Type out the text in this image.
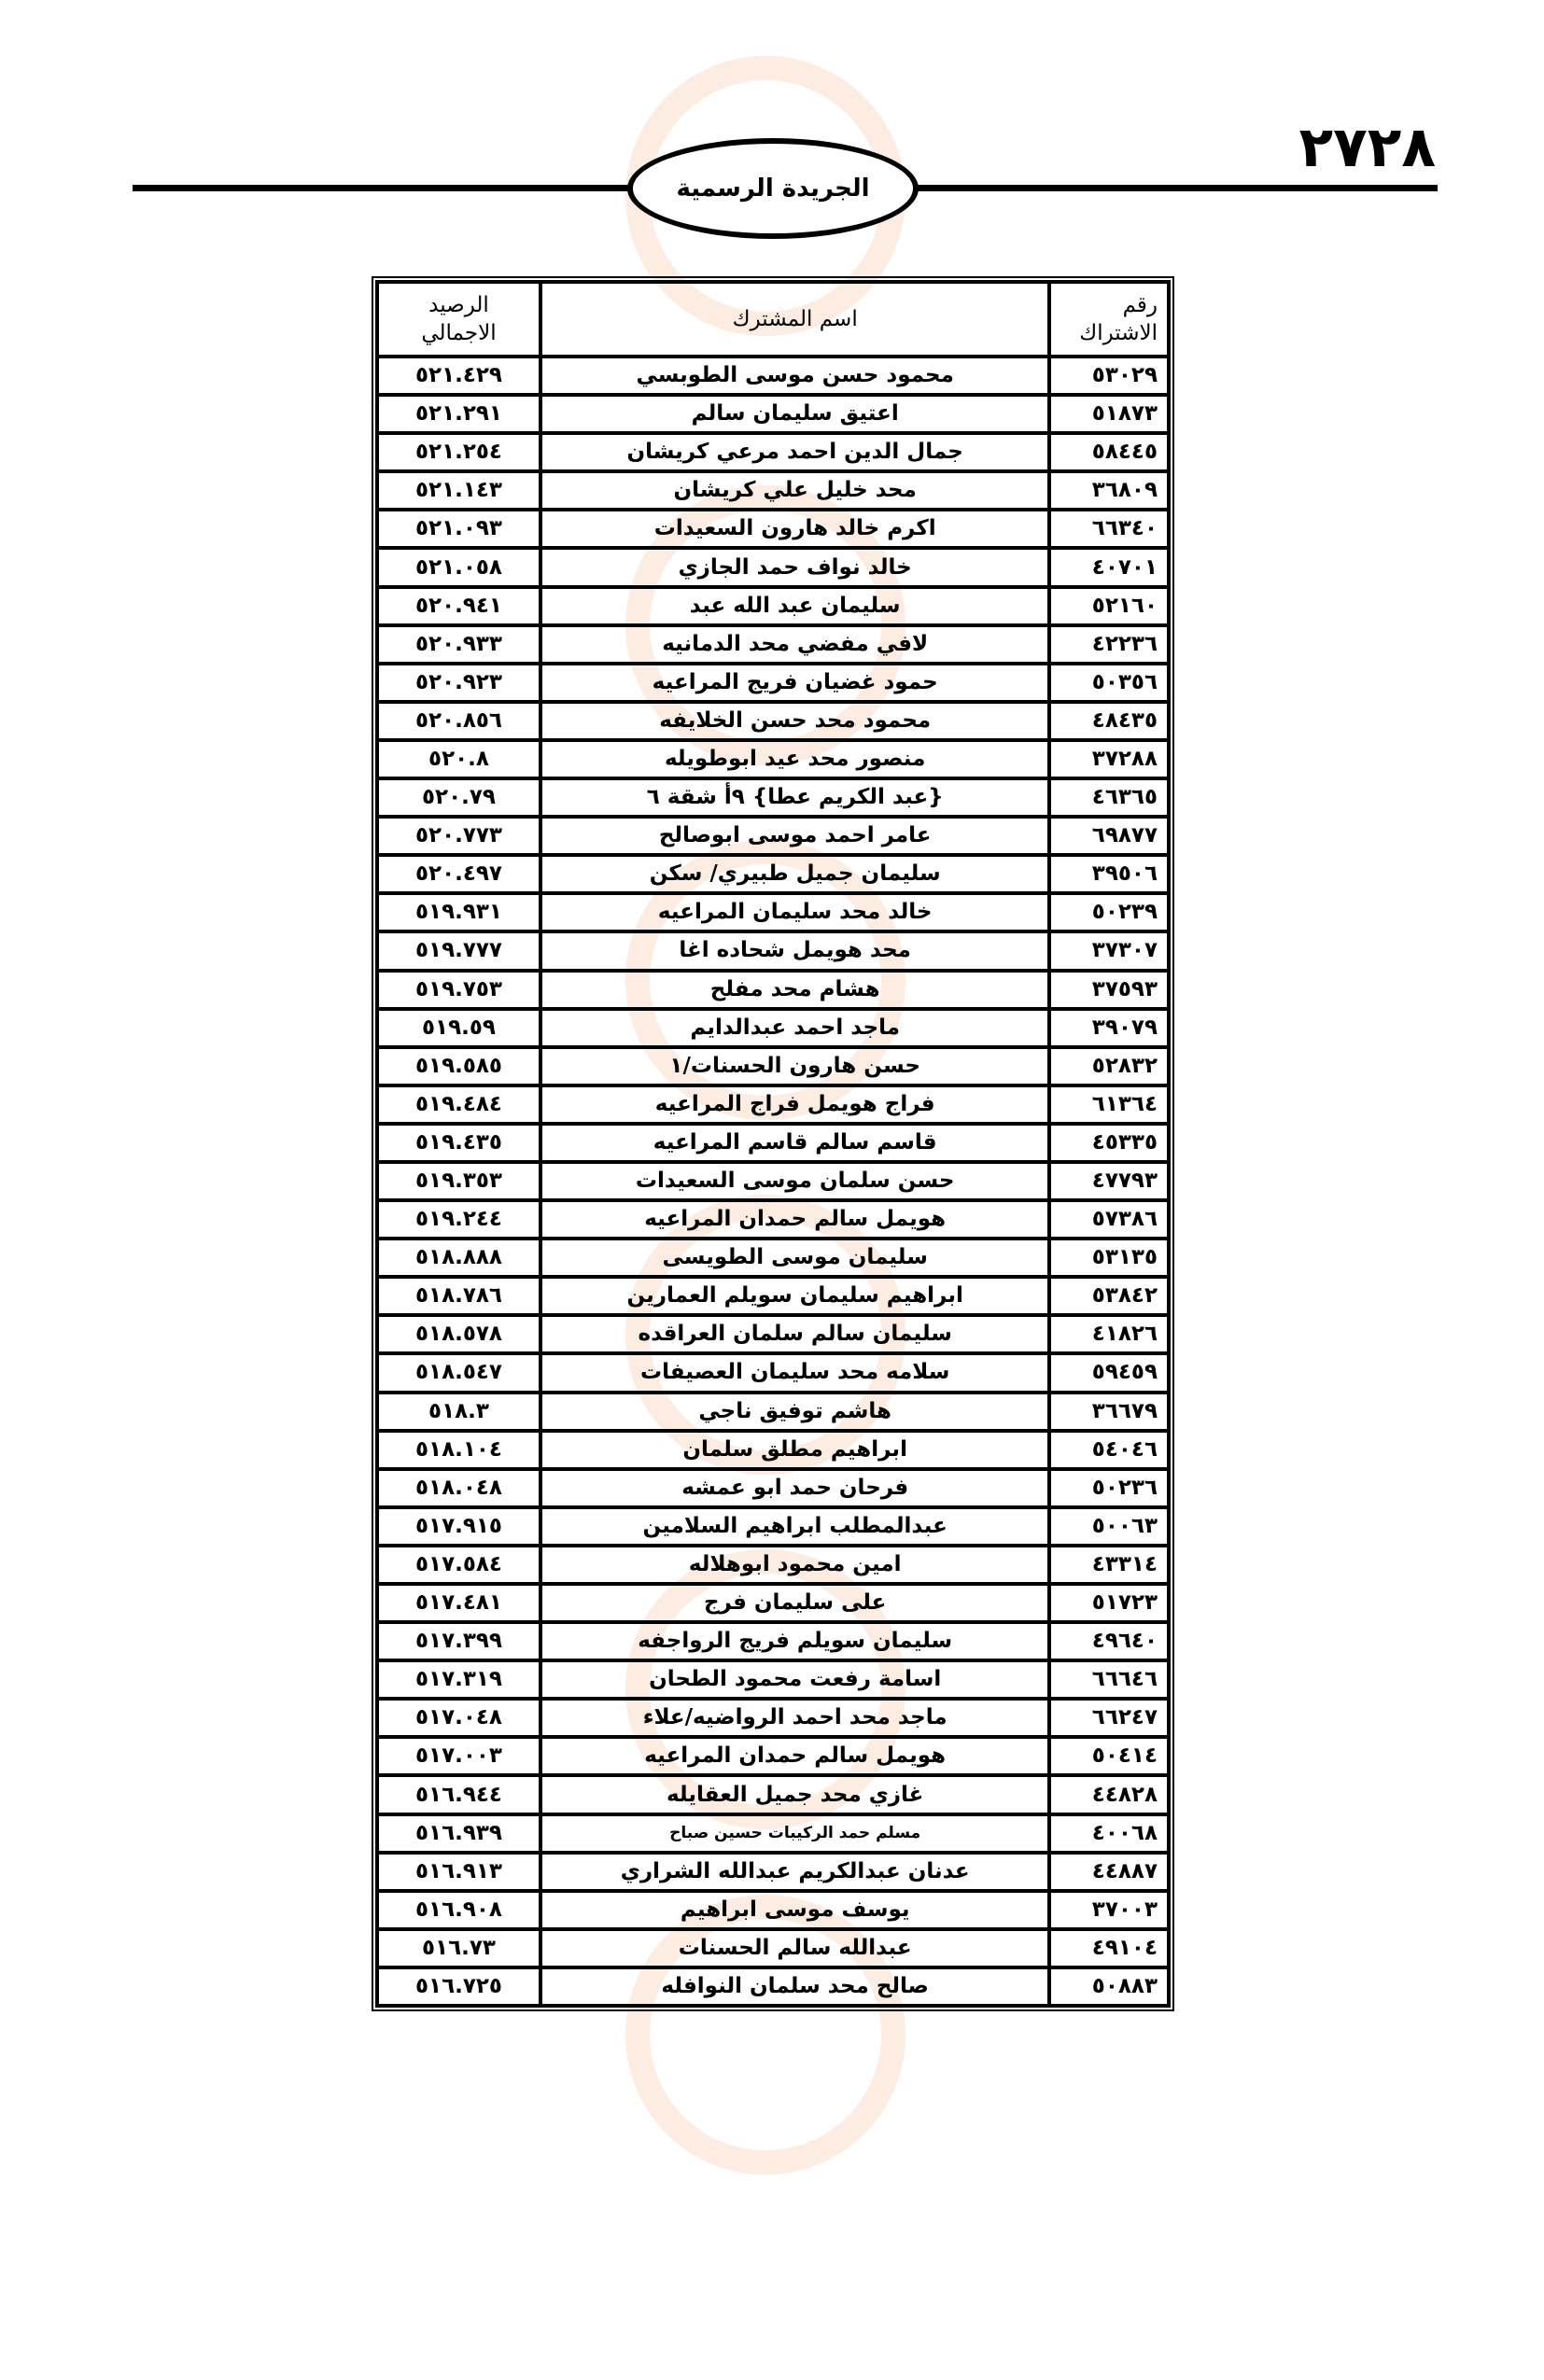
٢٧٢٨
الجريدة الرسمية
رقم الاشتراك	اسم المشترك	الرصيد الاجمالي
٥٣٠٢٩	محمود حسن موسى الطوبسي	٥٢١.٤٢٩
٥١٨٧٣	اعتيق سليمان سالم	٥٢١.٢٩١
٥٨٤٤٥	جمال الدين احمد مرعي كريشان	٥٢١.٢٥٤
٣٦٨٠٩	محد خليل علي كريشان	٥٢١.١٤٣
٦٦٣٤٠	اكرم خالد هارون السعيدات	٥٢١.٠٩٣
٤٠٧٠١	خالد نواف حمد الجازي	٥٢١.٠٥٨
٥٢١٦٠	سليمان عبد الله عبد	٥٢٠.٩٤١
٤٢٢٣٦	لافي مفضي محد الدمانيه	٥٢٠.٩٣٣
٥٠٣٥٦	حمود غضيان فريج المراعيه	٥٢٠.٩٢٣
٤٨٤٣٥	محمود محد حسن الخلايفه	٥٢٠.٨٥٦
٣٧٢٨٨	منصور محد عيد ابوطويله	٥٢٠.٨
٤٦٣٦٥	{عبد الكريم عطا} ٩أ شقة ٦	٥٢٠.٧٩
٦٩٨٧٧	عامر احمد موسى ابوصالح	٥٢٠.٧٧٣
٣٩٥٠٦	سليمان جميل طبيري/ سكن	٥٢٠.٤٩٧
٥٠٢٣٩	خالد محد سليمان المراعيه	٥١٩.٩٣١
٣٧٣٠٧	محد هويمل شحاده اغا	٥١٩.٧٧٧
٣٧٥٩٣	هشام محد مفلح	٥١٩.٧٥٣
٣٩٠٧٩	ماجد احمد عبدالدايم	٥١٩.٥٩
٥٢٨٣٢	حسن هارون الحسنات/١	٥١٩.٥٨٥
٦١٣٦٤	فراج هويمل فراج المراعيه	٥١٩.٤٨٤
٤٥٣٣٥	قاسم سالم قاسم المراعيه	٥١٩.٤٣٥
٤٧٧٩٣	حسن سلمان موسى السعيدات	٥١٩.٣٥٣
٥٧٣٨٦	هويمل سالم حمدان المراعيه	٥١٩.٢٤٤
٥٣١٣٥	سليمان موسى الطويسى	٥١٨.٨٨٨
٥٣٨٤٢	ابراهيم سليمان سويلم العمارين	٥١٨.٧٨٦
٤١٨٢٦	سليمان سالم سلمان العراقده	٥١٨.٥٧٨
٥٩٤٥٩	سلامه محد سليمان العصيفات	٥١٨.٥٤٧
٣٦٦٧٩	هاشم توفيق ناجي	٥١٨.٣
٥٤٠٤٦	ابراهيم مطلق سلمان	٥١٨.١٠٤
٥٠٢٣٦	فرحان حمد ابو عمشه	٥١٨.٠٤٨
٥٠٠٦٣	عبدالمطلب ابراهيم السلامين	٥١٧.٩١٥
٤٣٣١٤	امين محمود ابوهلاله	٥١٧.٥٨٤
٥١٧٢٣	على سليمان فرج	٥١٧.٤٨١
٤٩٦٤٠	سليمان سويلم فريج الرواجفه	٥١٧.٣٩٩
٦٦٦٤٦	اسامة رفعت محمود الطحان	٥١٧.٣١٩
٦٦٢٤٧	ماجد محد احمد الرواضيه/علاء	٥١٧.٠٤٨
٥٠٤١٤	هويمل سالم حمدان المراعيه	٥١٧.٠٠٣
٤٤٨٢٨	غازي محد جميل العقايله	٥١٦.٩٤٤
٤٠٠٦٨	مسلم حمد الركيبات حسين صباح	٥١٦.٩٣٩
٤٤٨٨٧	عدنان عبدالكريم عبدالله الشراري	٥١٦.٩١٣
٣٧٠٠٣	يوسف موسى ابراهيم	٥١٦.٩٠٨
٤٩١٠٤	عبدالله سالم الحسنات	٥١٦.٧٣
٥٠٨٨٣	صالح محد سلمان النوافله	٥١٦.٧٢٥
